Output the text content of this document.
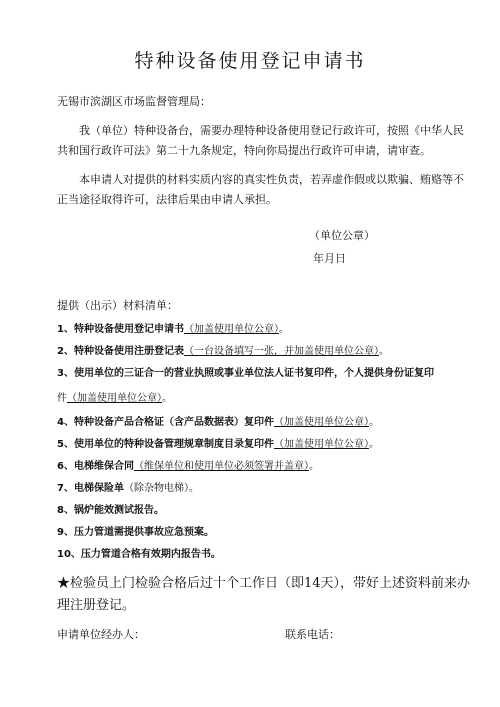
特种设备使用登记申请书
无锡市滨湖区市场监督管理局：
我（单位）特种设备台，需要办理特种设备使用登记行政许可，按照《中华人民共和国行政许可法》第二十九条规定，特向你局提出行政许可申请，请审查。
本申请人对提供的材料实质内容的真实性负责，若弄虚作假或以欺骗、贿赂等不正当途径取得许可，法律后果由申请人承担。
（单位公章）
年月日
提供（出示）材料清单：
1、特种设备使用登记申请书（加盖使用单位公章）。
2、特种设备使用注册登记表（一台设备填写一张，并加盖使用单位公章）。
3、使用单位的三证合一的营业执照或事业单位法人证书复印件，个人提供身份证复印
件（加盖使用单位公章）。
4、特种设备产品合格证（含产品数据表）复印件（加盖使用单位公章）。
5、使用单位的特种设备管理规章制度目录复印件（加盖使用单位公章）。
6、电梯维保合同（维保单位和使用单位必须签署并盖章）。
7、电梯保险单（除杂物电梯）。
8、锅炉能效测试报告。
9、压力管道需提供事故应急预案。
10、压力管道合格有效期内报告书。
★检验员上门检验合格后过十个工作日（即14天），带好上述资料前来办理注册登记。
申请单位经办人：	联系电话：
